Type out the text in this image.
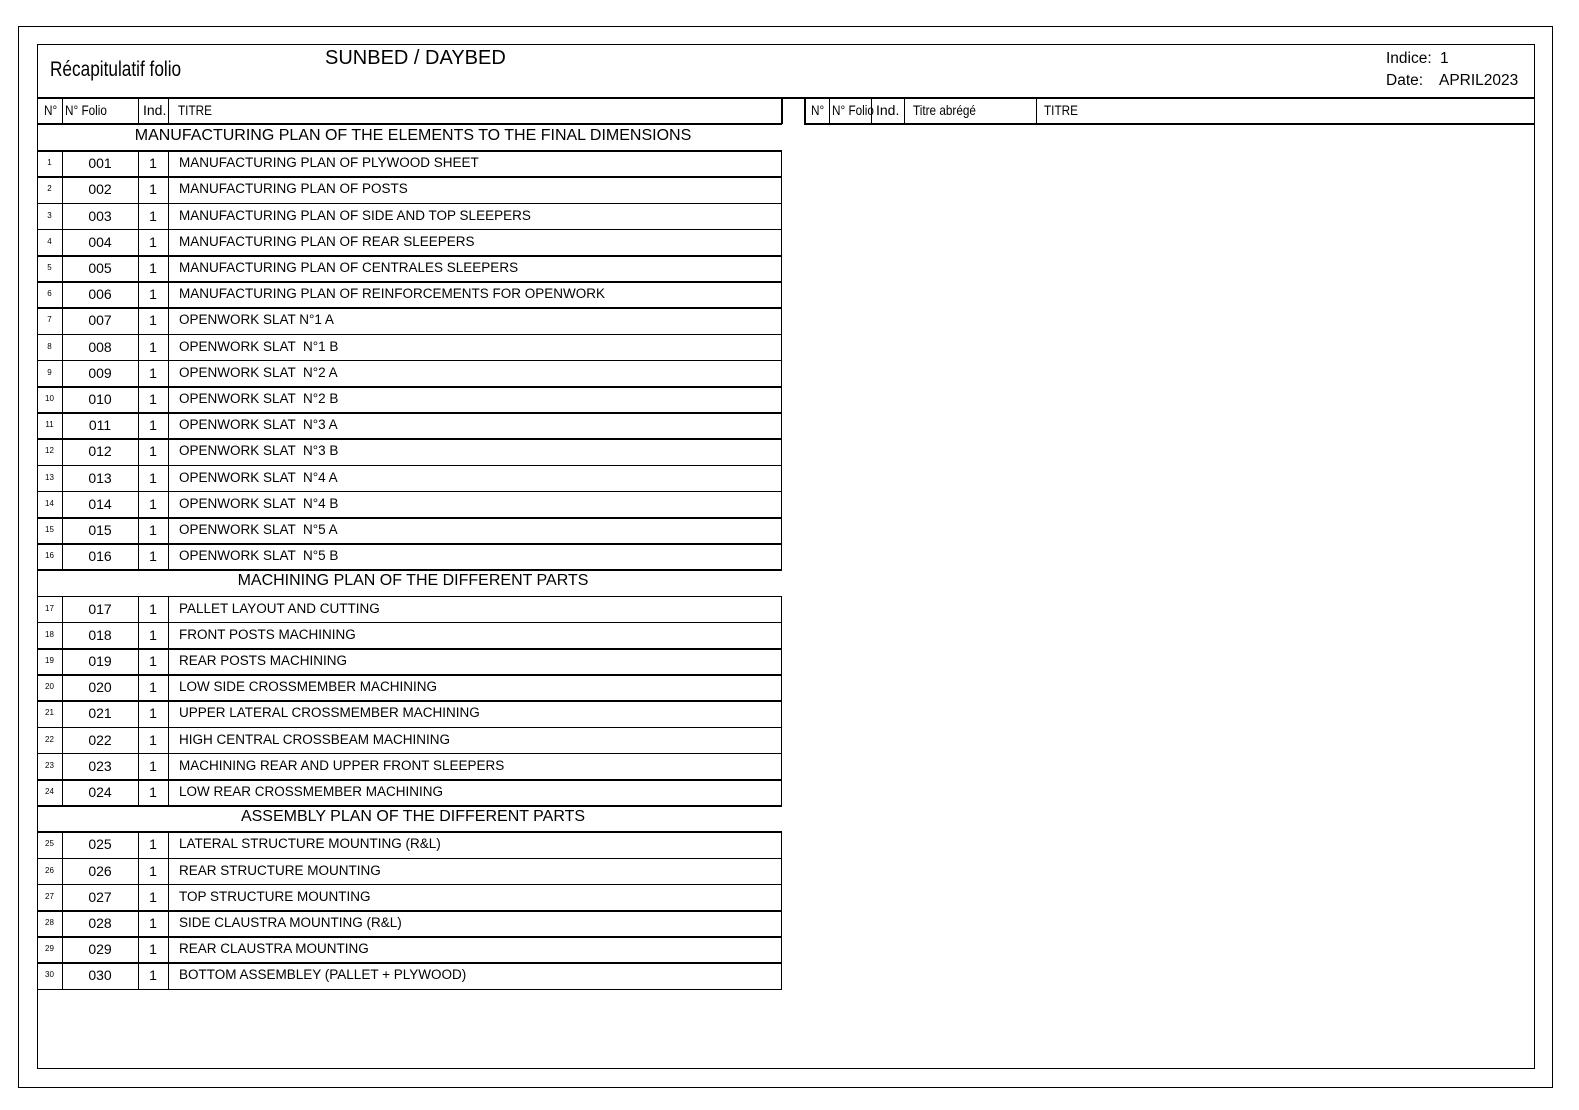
Récapitulatif folio	SUNBED / DAYBED	Indice: 1
Date: APRIL2023
N° N° Folio	Ind. TITRE	N° N° Folio Ind. Titre abrégé	TITRE
MANUFACTURING PLAN OF THE ELEMENTS TO THE FINAL DIMENSIONS
1	001	1	MANUFACTURING PLAN OF PLYWOOD SHEET
2	002	1	MANUFACTURING PLAN OF POSTS
3	003	1	MANUFACTURING PLAN OF SIDE AND TOP SLEEPERS
4	004	1	MANUFACTURING PLAN OF REAR SLEEPERS
5	005	1	MANUFACTURING PLAN OF CENTRALES SLEEPERS
6	006	1	MANUFACTURING PLAN OF REINFORCEMENTS FOR OPENWORK
7	007	1	OPENWORK SLAT N°1 A
8	008	1	OPENWORK SLAT  N°1 B
9	009	1	OPENWORK SLAT  N°2 A
10	010	1	OPENWORK SLAT  N°2 B
11	011	1	OPENWORK SLAT  N°3 A
12	012	1	OPENWORK SLAT  N°3 B
13	013	1	OPENWORK SLAT  N°4 A
14	014	1	OPENWORK SLAT  N°4 B
15	015	1	OPENWORK SLAT  N°5 A
16	016	1	OPENWORK SLAT  N°5 B
MACHINING PLAN OF THE DIFFERENT PARTS
17	017	1	PALLET LAYOUT AND CUTTING
18	018	1	FRONT POSTS MACHINING
19	019	1	REAR POSTS MACHINING
20	020	1	LOW SIDE CROSSMEMBER MACHINING
21	021	1	UPPER LATERAL CROSSMEMBER MACHINING
22	022	1	HIGH CENTRAL CROSSBEAM MACHINING
23	023	1	MACHINING REAR AND UPPER FRONT SLEEPERS
24	024	1	LOW REAR CROSSMEMBER MACHINING
ASSEMBLY PLAN OF THE DIFFERENT PARTS
25	025	1	LATERAL STRUCTURE MOUNTING (R&L)
26	026	1	REAR STRUCTURE MOUNTING
27	027	1	TOP STRUCTURE MOUNTING
28	028	1	SIDE CLAUSTRA MOUNTING (R&L)
29	029	1	REAR CLAUSTRA MOUNTING
30	030	1	BOTTOM ASSEMBLEY (PALLET + PLYWOOD)
